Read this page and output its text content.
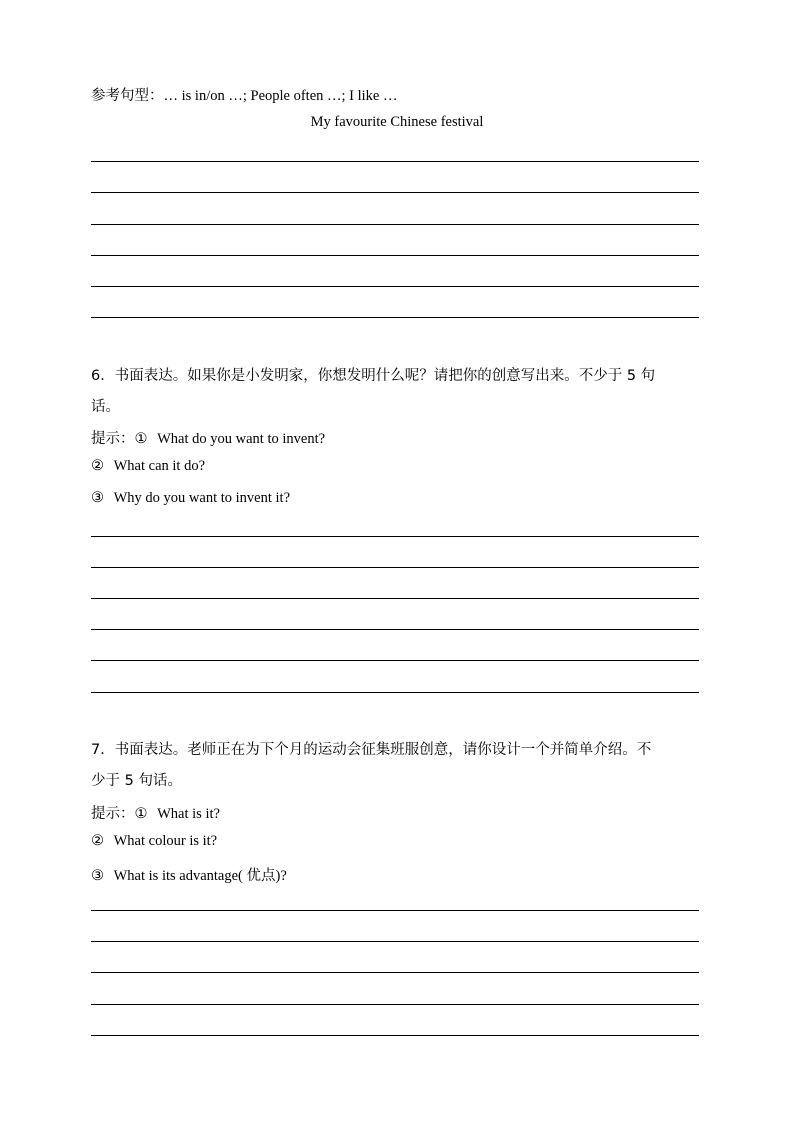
参考句型：… is in/on …; People often …; I like …
My favourite Chinese festival
6．书面表达。如果你是小发明家，你想发明什么呢？请把你的创意写出来。不少于 5 句
话。
提示：① What do you want to invent?
② What can it do?
③ Why do you want to invent it?
7．书面表达。老师正在为下个月的运动会征集班服创意，请你设计一个并简单介绍。不
少于 5 句话。
提示：① What is it?
② What colour is it?
③ What is its advantage( 优点)?
